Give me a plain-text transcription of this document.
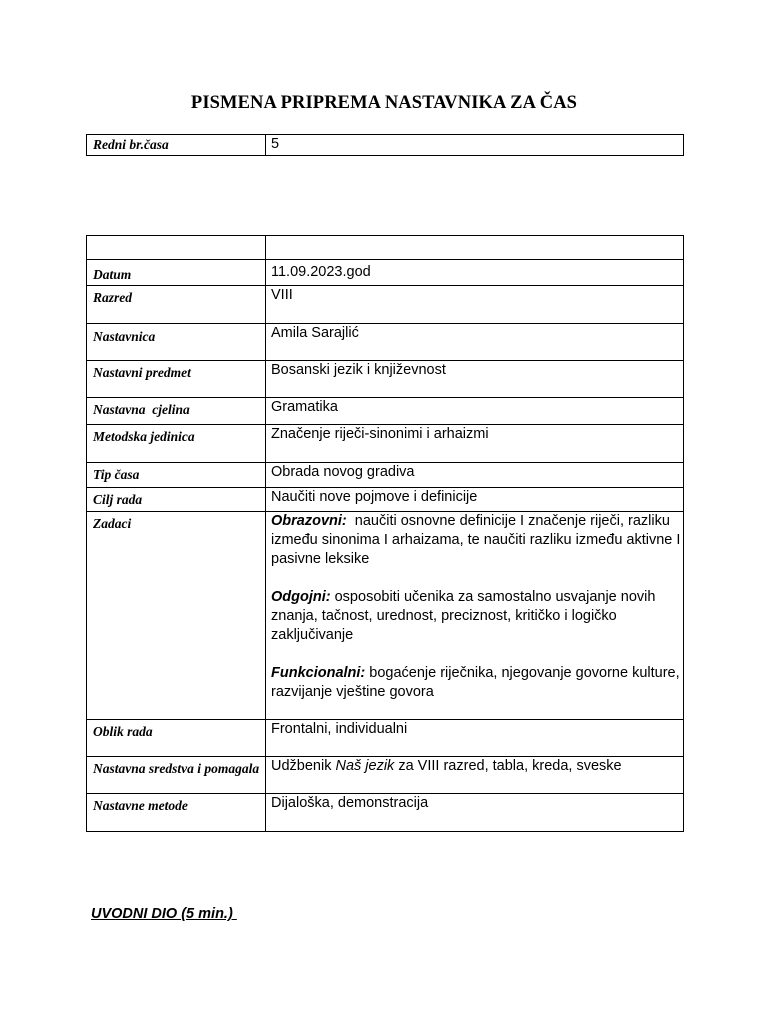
PISMENA PRIPREMA NASTAVNIKA ZA ČAS
Redni br.časa	5

Datum	11.09.2023.god
Razred	VIII
Nastavnica	Amila Sarajlić
Nastavni predmet	Bosanski jezik i književnost
Nastavna  cjelina	Gramatika
Metodska jedinica	Značenje riječi-sinonimi i arhaizmi
Tip časa	Obrada novog gradiva
Cilj rada	Naučiti nove pojmove i definicije
Zadaci	Obrazovni:  naučiti osnovne definicije I značenje riječi, razliku između sinonima I arhaizama, te naučiti razliku između aktivne I pasivne leksike
Odgojni: osposobiti učenika za samostalno usvajanje novih znanja, tačnost, urednost, preciznost, kritičko i logičko zaključivanje
Funkcionalni: bogaćenje riječnika, njegovanje govorne kulture, razvijanje vještine govora

Oblik rada	Frontalni, individualni
Nastavna sredstva i pomagala	Udžbenik Naš jezik za VIII razred, tabla, kreda, sveske
Nastavne metode	Dijaloška, demonstracija
UVODNI DIO (5 min.)
